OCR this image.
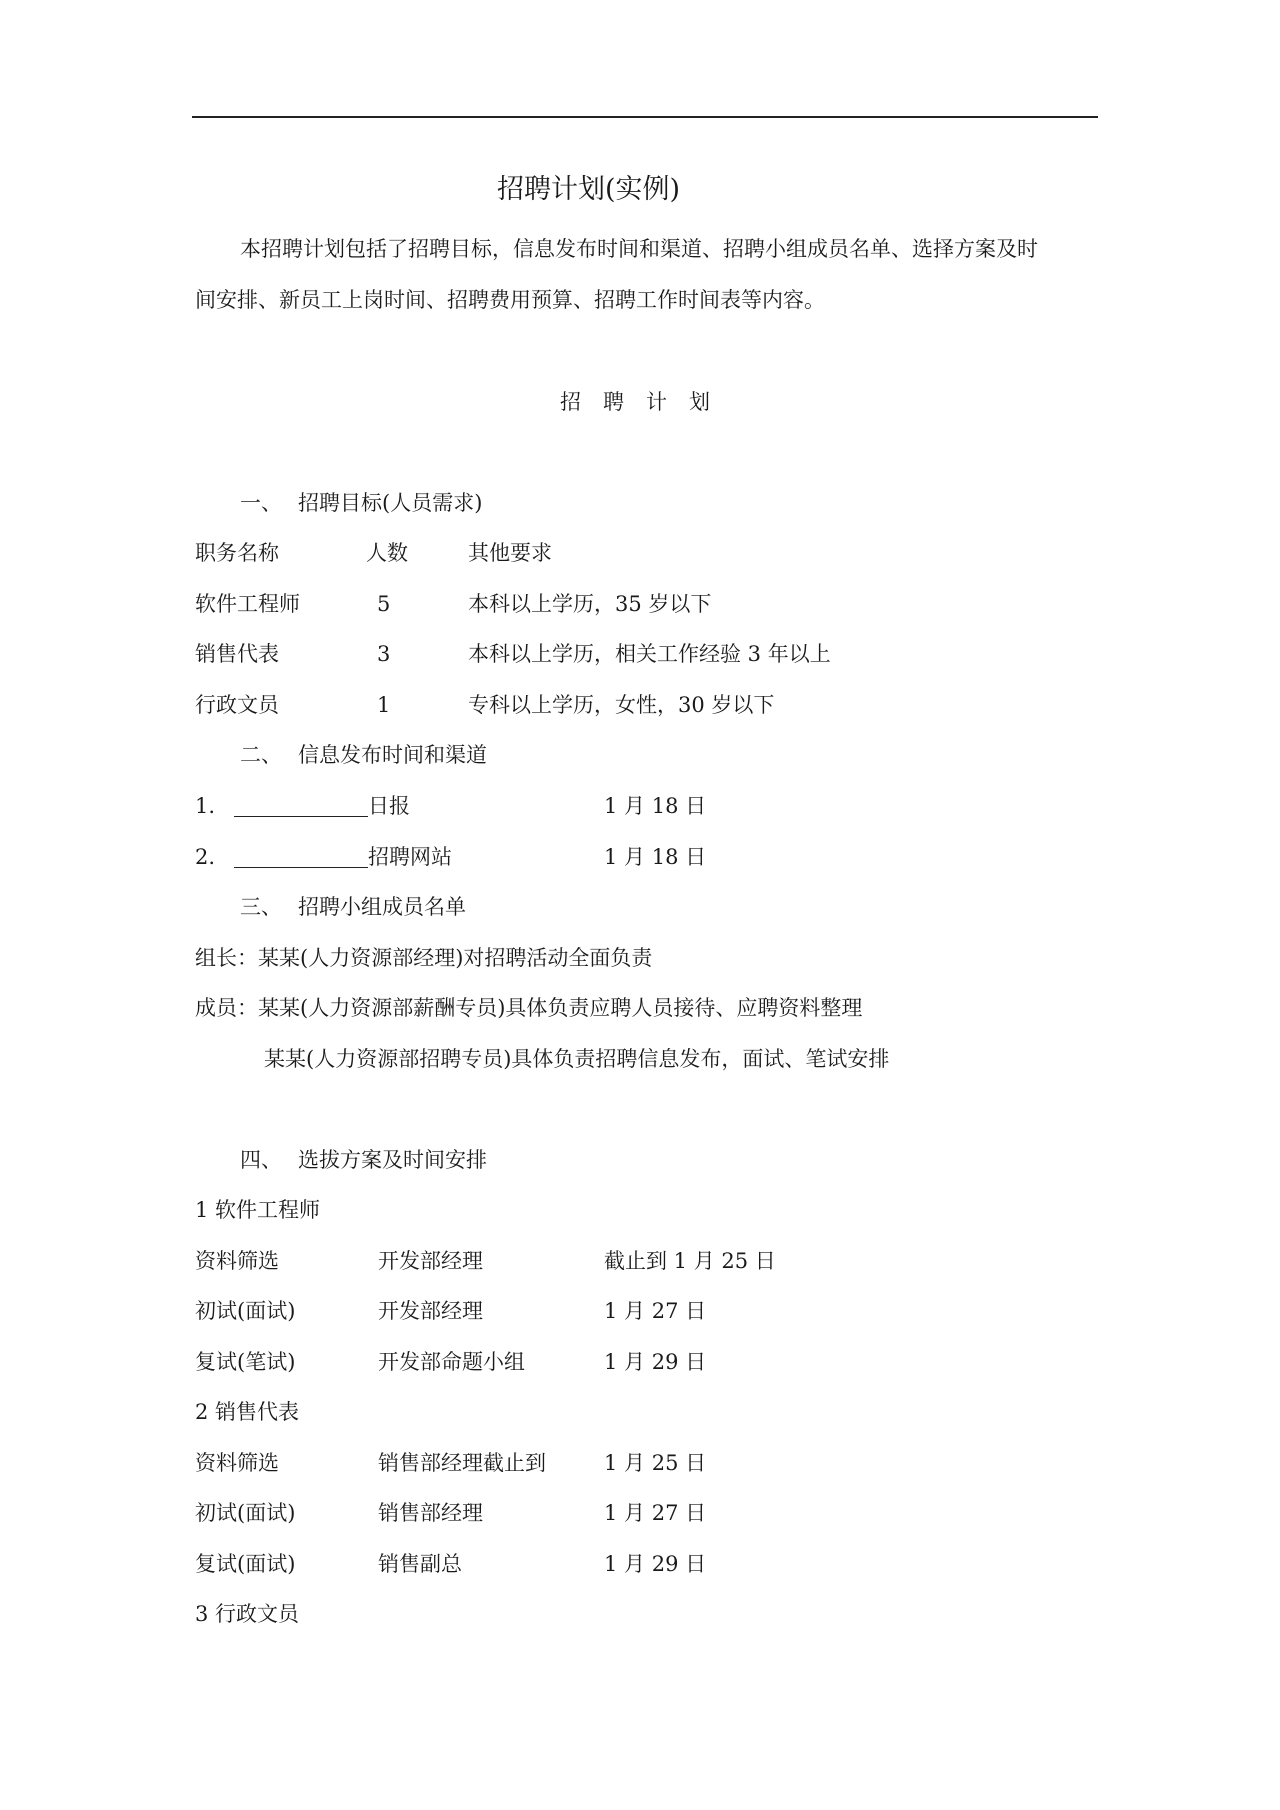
招聘计划(实例)
本招聘计划包括了招聘目标，信息发布时间和渠道、招聘小组成员名单、选择方案及时
间安排、新员工上岗时间、招聘费用预算、招聘工作时间表等内容。
招聘计划
一、 招聘目标(人员需求)
职务名称	人数	其他要求
软件工程师	5	本科以上学历，35 岁以下
销售代表	3	本科以上学历，相关工作经验 3 年以上
行政文员	1	专科以上学历，女性，30 岁以下
二、 信息发布时间和渠道
1.	日报	1 月 18 日
2.	招聘网站	1 月 18 日
三、 招聘小组成员名单
组长：某某(人力资源部经理)对招聘活动全面负责
成员：某某(人力资源部薪酬专员)具体负责应聘人员接待、应聘资料整理
某某(人力资源部招聘专员)具体负责招聘信息发布，面试、笔试安排
四、 选拔方案及时间安排
1 软件工程师
资料筛选	开发部经理	截止到 1 月 25 日
初试(面试)	开发部经理	1 月 27 日
复试(笔试)	开发部命题小组	1 月 29 日
2 销售代表
资料筛选	销售部经理截止到	1 月 25 日
初试(面试)	销售部经理	1 月 27 日
复试(面试)	销售副总	1 月 29 日
3 行政文员
